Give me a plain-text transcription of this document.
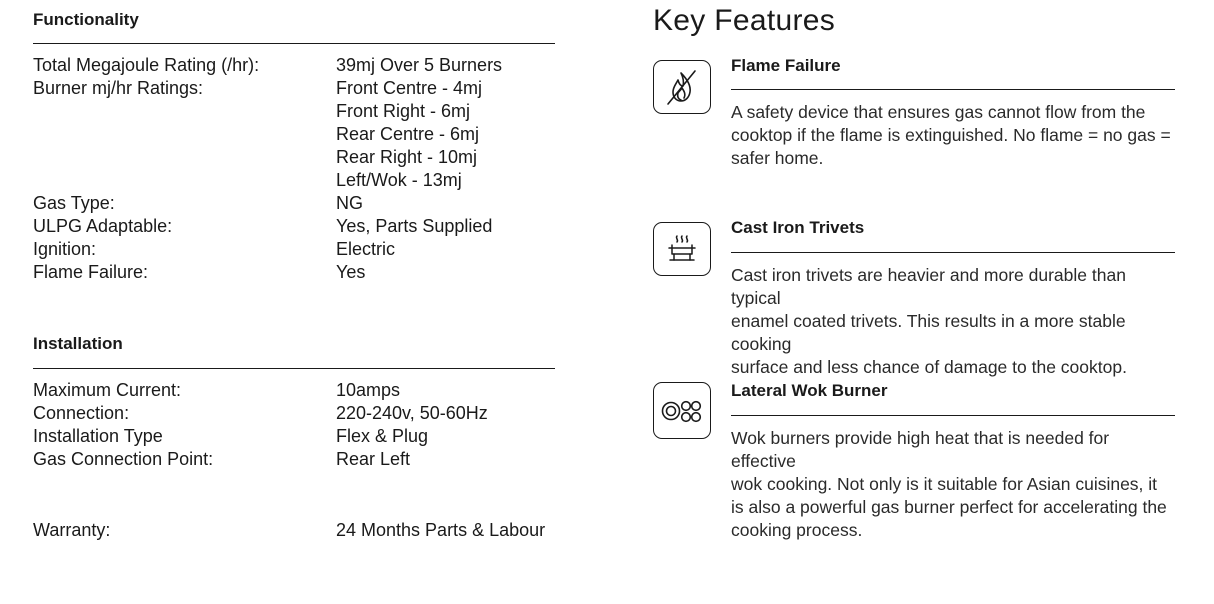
Functionality
Total Megajoule Rating (/hr):	39mj Over 5 Burners
Burner mj/hr Ratings:	Front Centre - 4mj
Front Right - 6mj
Rear Centre - 6mj
Rear Right - 10mj
Left/Wok - 13mj
Gas Type:	NG
ULPG Adaptable:	Yes, Parts Supplied
Ignition:	Electric
Flame Failure:	Yes
Installation
Maximum Current:	10amps
Connection:	220-240v, 50-60Hz
Installation Type	Flex & Plug
Gas Connection Point:	Rear Left
Warranty:	24 Months Parts & Labour
Key Features
Flame Failure
A safety device that ensures gas cannot flow from the
cooktop if the flame is extinguished. No flame = no gas =
safer home.
Cast Iron Trivets
Cast iron trivets are heavier and more durable than typical
enamel coated trivets. This results in a more stable cooking
surface and less chance of damage to the cooktop.
Lateral Wok Burner
Wok burners provide high heat that is needed for effective
wok cooking. Not only is it suitable for Asian cuisines, it
is also a powerful gas burner perfect for accelerating the
cooking process.
